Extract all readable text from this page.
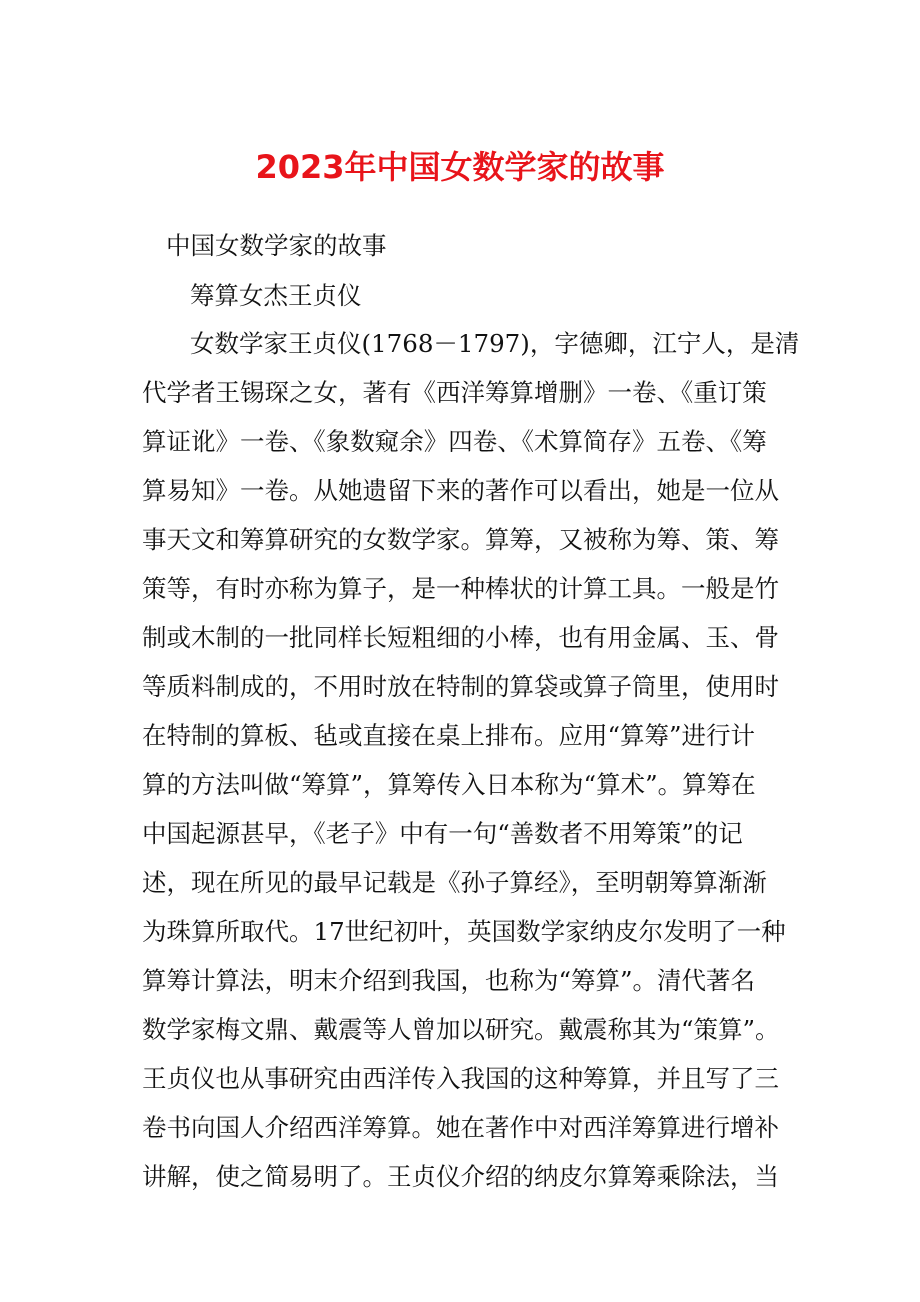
2023年中国女数学家的故事

中国女数学家的故事

筹算女杰王贞仪

女数学家王贞仪(1768－1797)，字德卿，江宁人，是清

代学者王锡琛之女，著有《西洋筹算增删》一卷、《重订策

算证讹》一卷、《象数窥余》四卷、《术算简存》五卷、《筹

算易知》一卷。从她遗留下来的著作可以看出，她是一位从

事天文和筹算研究的女数学家。算筹，又被称为筹、策、筹

策等，有时亦称为算子，是一种棒状的计算工具。一般是竹

制或木制的一批同样长短粗细的小棒，也有用金属、玉、骨

等质料制成的，不用时放在特制的算袋或算子筒里，使用时

在特制的算板、毡或直接在桌上排布。应用“算筹”进行计

算的方法叫做“筹算”，算筹传入日本称为“算术”。算筹在

中国起源甚早，《老子》中有一句“善数者不用筹策”的记

述，现在所见的最早记载是《孙子算经》，至明朝筹算渐渐

为珠算所取代。17世纪初叶，英国数学家纳皮尔发明了一种

算筹计算法，明末介绍到我国，也称为“筹算”。清代著名

数学家梅文鼎、戴震等人曾加以研究。戴震称其为“策算”。

王贞仪也从事研究由西洋传入我国的这种筹算，并且写了三

卷书向国人介绍西洋筹算。她在著作中对西洋筹算进行增补

讲解，使之简易明了。王贞仪介绍的纳皮尔算筹乘除法，当
